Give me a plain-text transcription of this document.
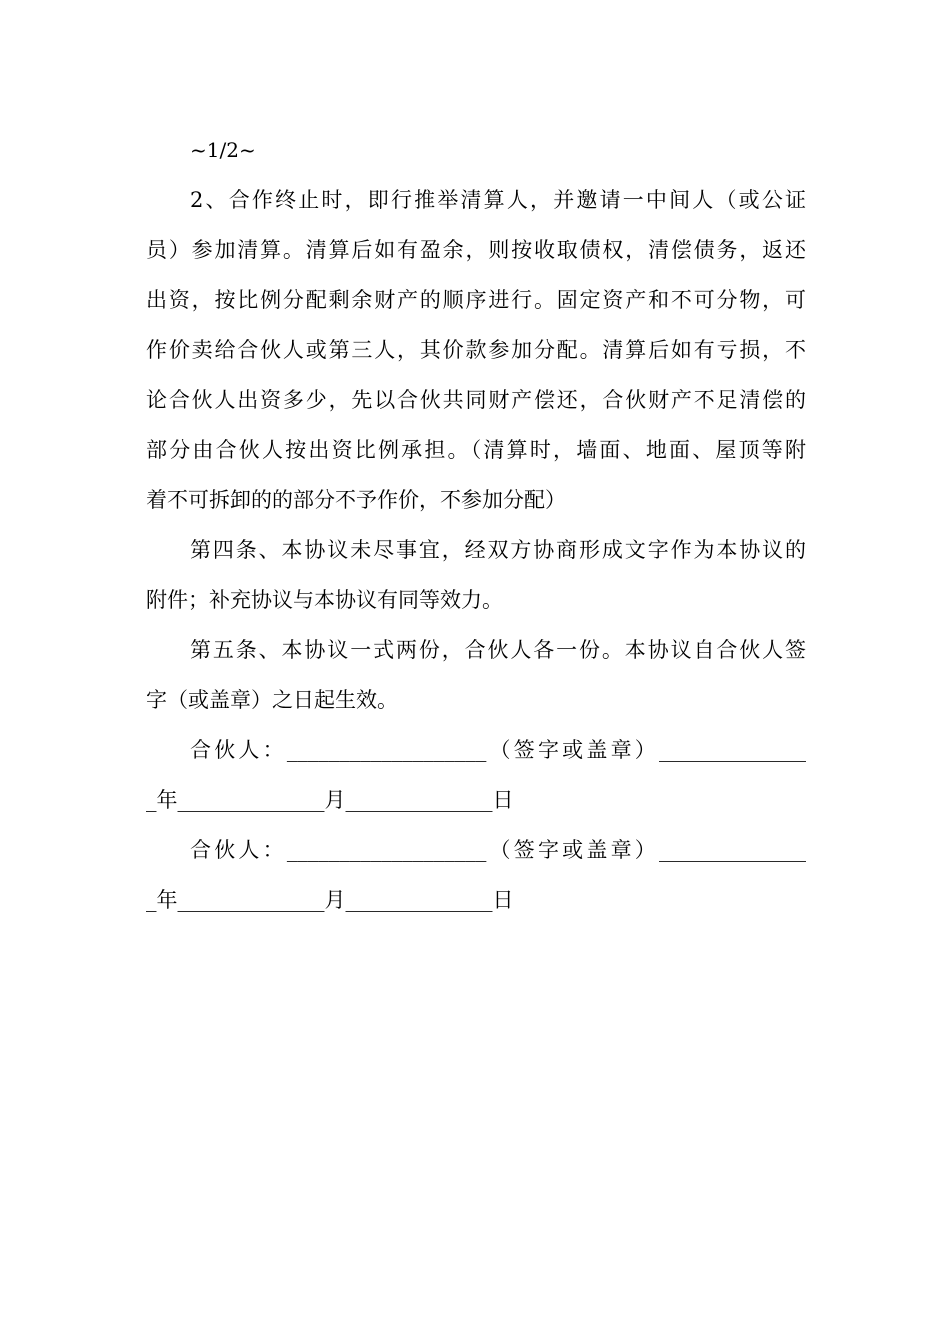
~1/2~
2、合作终止时，即行推举清算人，并邀请一中间人（或公证
员）参加清算。清算后如有盈余，则按收取债权，清偿债务，返还
出资，按比例分配剩余财产的顺序进行。固定资产和不可分物，可
作价卖给合伙人或第三人，其价款参加分配。清算后如有亏损，不
论合伙人出资多少，先以合伙共同财产偿还，合伙财产不足清偿的
部分由合伙人按出资比例承担。（清算时，墙面、地面、屋顶等附
着不可拆卸的的部分不予作价，不参加分配）
第四条、本协议未尽事宜，经双方协商形成文字作为本协议的
附件；补充协议与本协议有同等效力。
第五条、本协议一式两份，合伙人各一份。本协议自合伙人签
字（或盖章）之日起生效。
合伙人：___________________（签字或盖章）______________
_年______________月______________日
合伙人：___________________（签字或盖章）______________
_年______________月______________日
